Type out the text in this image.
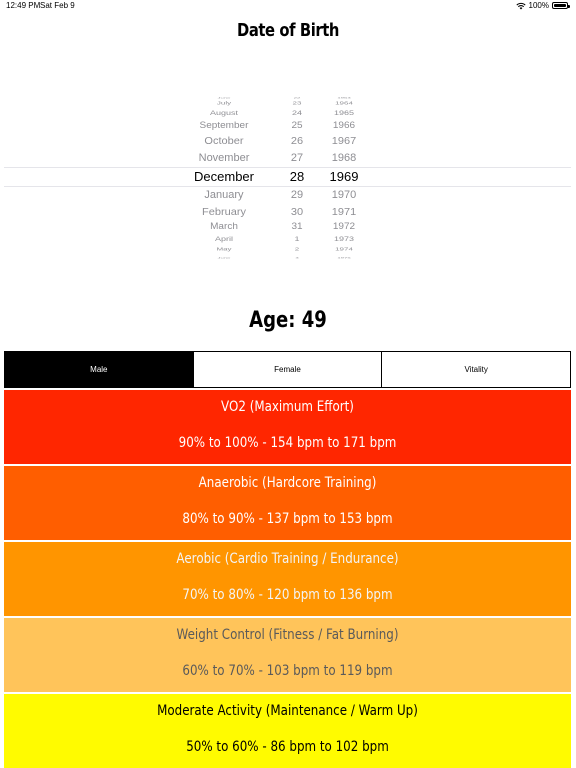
12:49 PM Sat Feb 9	100%
Date of Birth
June	22	1963
July	23	1964
August	24	1965
September	25	1966
October	26	1967
November	27	1968
December	28	1969
January	29	1970
February	30	1971
March	31	1972
April	1	1973
May	2	1974
June	3	1975
Age: 49
Male	Female	Vitality
VO2 (Maximum Effort)
90% to 100% - 154 bpm to 171 bpm
Anaerobic (Hardcore Training)
80% to 90% - 137 bpm to 153 bpm
Aerobic (Cardio Training / Endurance)
70% to 80% - 120 bpm to 136 bpm
Weight Control (Fitness / Fat Burning)
60% to 70% - 103 bpm to 119 bpm
Moderate Activity (Maintenance / Warm Up)
50% to 60% - 86 bpm to 102 bpm
